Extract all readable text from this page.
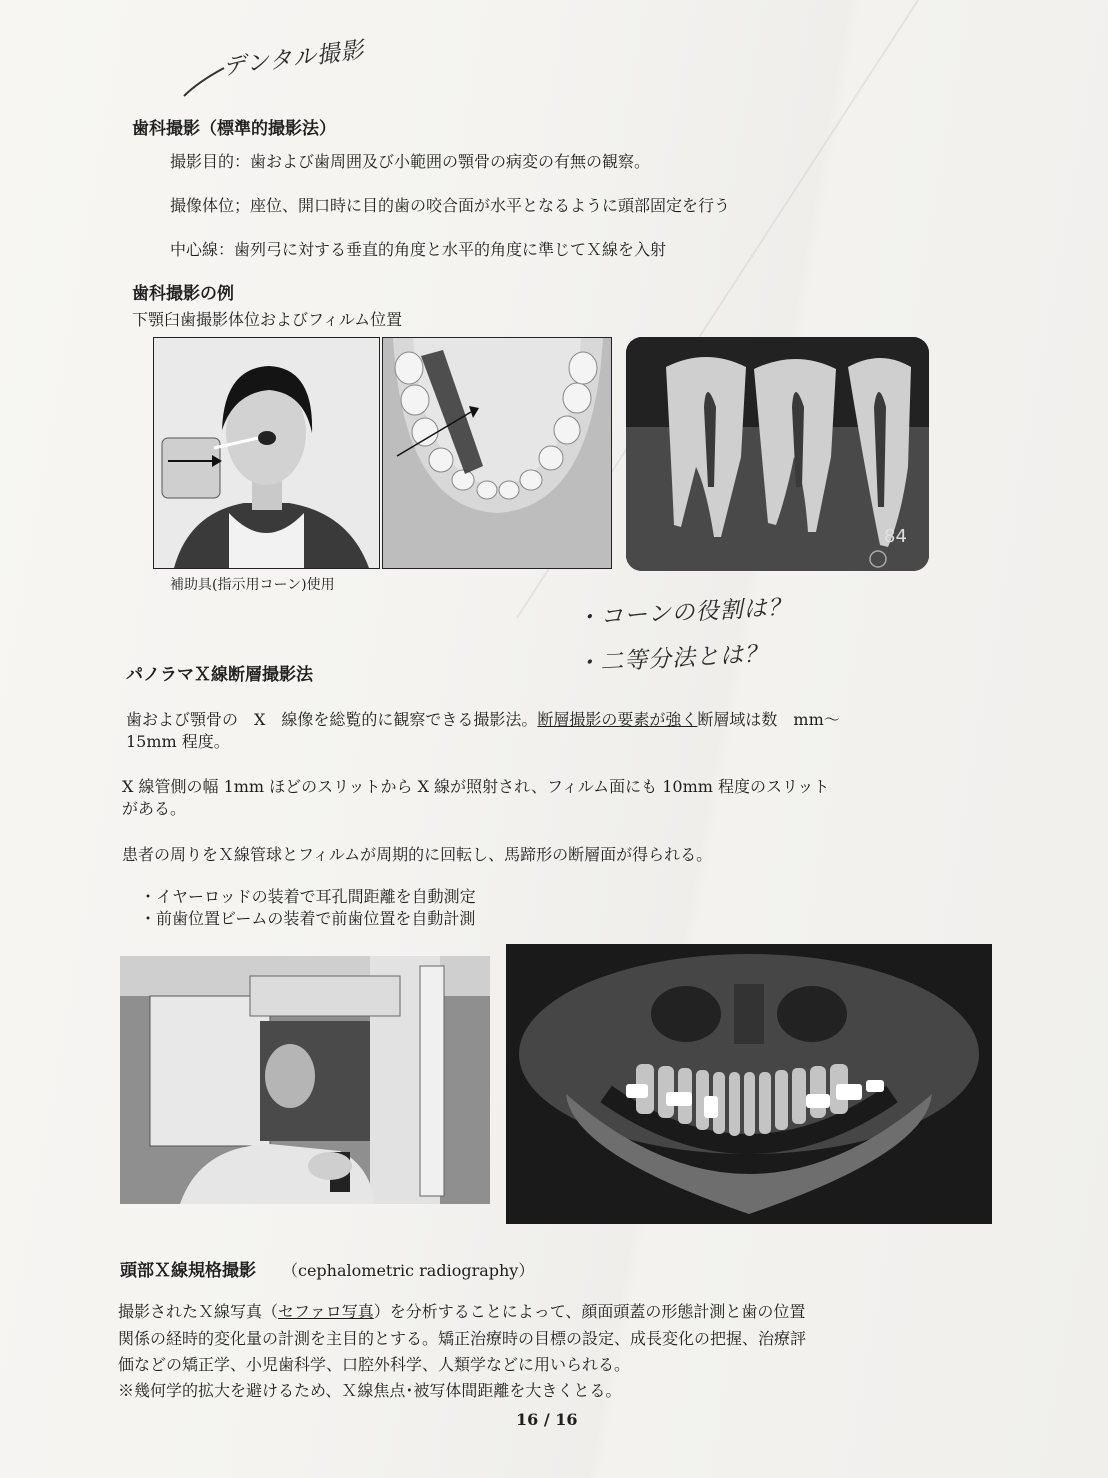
デンタル撮影
歯科撮影（標準的撮影法）
撮影目的：歯および歯周囲及び小範囲の顎骨の病変の有無の観察。
撮像体位；座位、開口時に目的歯の咬合面が水平となるように頭部固定を行う
中心線：歯列弓に対する垂直的角度と水平的角度に準じてＸ線を入射
歯科撮影の例
下顎臼歯撮影体位およびフィルム位置
84
補助具(指示用コーン)使用
・コーンの役割は？
・二等分法とは？
パノラマＸ線断層撮影法
歯および顎骨の　X　線像を総覧的に観察できる撮影法。断層撮影の要素が強く断層域は数　mm～
15mm 程度。
X 線管側の幅 1mm ほどのスリットから X 線が照射され、フィルム面にも 10mm 程度のスリット
がある。
患者の周りをＸ線管球とフィルムが周期的に回転し、馬蹄形の断層面が得られる。
・イヤーロッドの装着で耳孔間距離を自動測定
・前歯位置ビームの装着で前歯位置を自動計測
頭部Ｘ線規格撮影 （cephalometric radiography）
撮影されたＸ線写真（セファロ写真）を分析することによって、顔面頭蓋の形態計測と歯の位置
関係の経時的変化量の計測を主目的とする。矯正治療時の目標の設定、成長変化の把握、治療評
価などの矯正学、小児歯科学、口腔外科学、人類学などに用いられる。
※幾何学的拡大を避けるため、Ｘ線焦点･被写体間距離を大きくとる。
16 / 16
